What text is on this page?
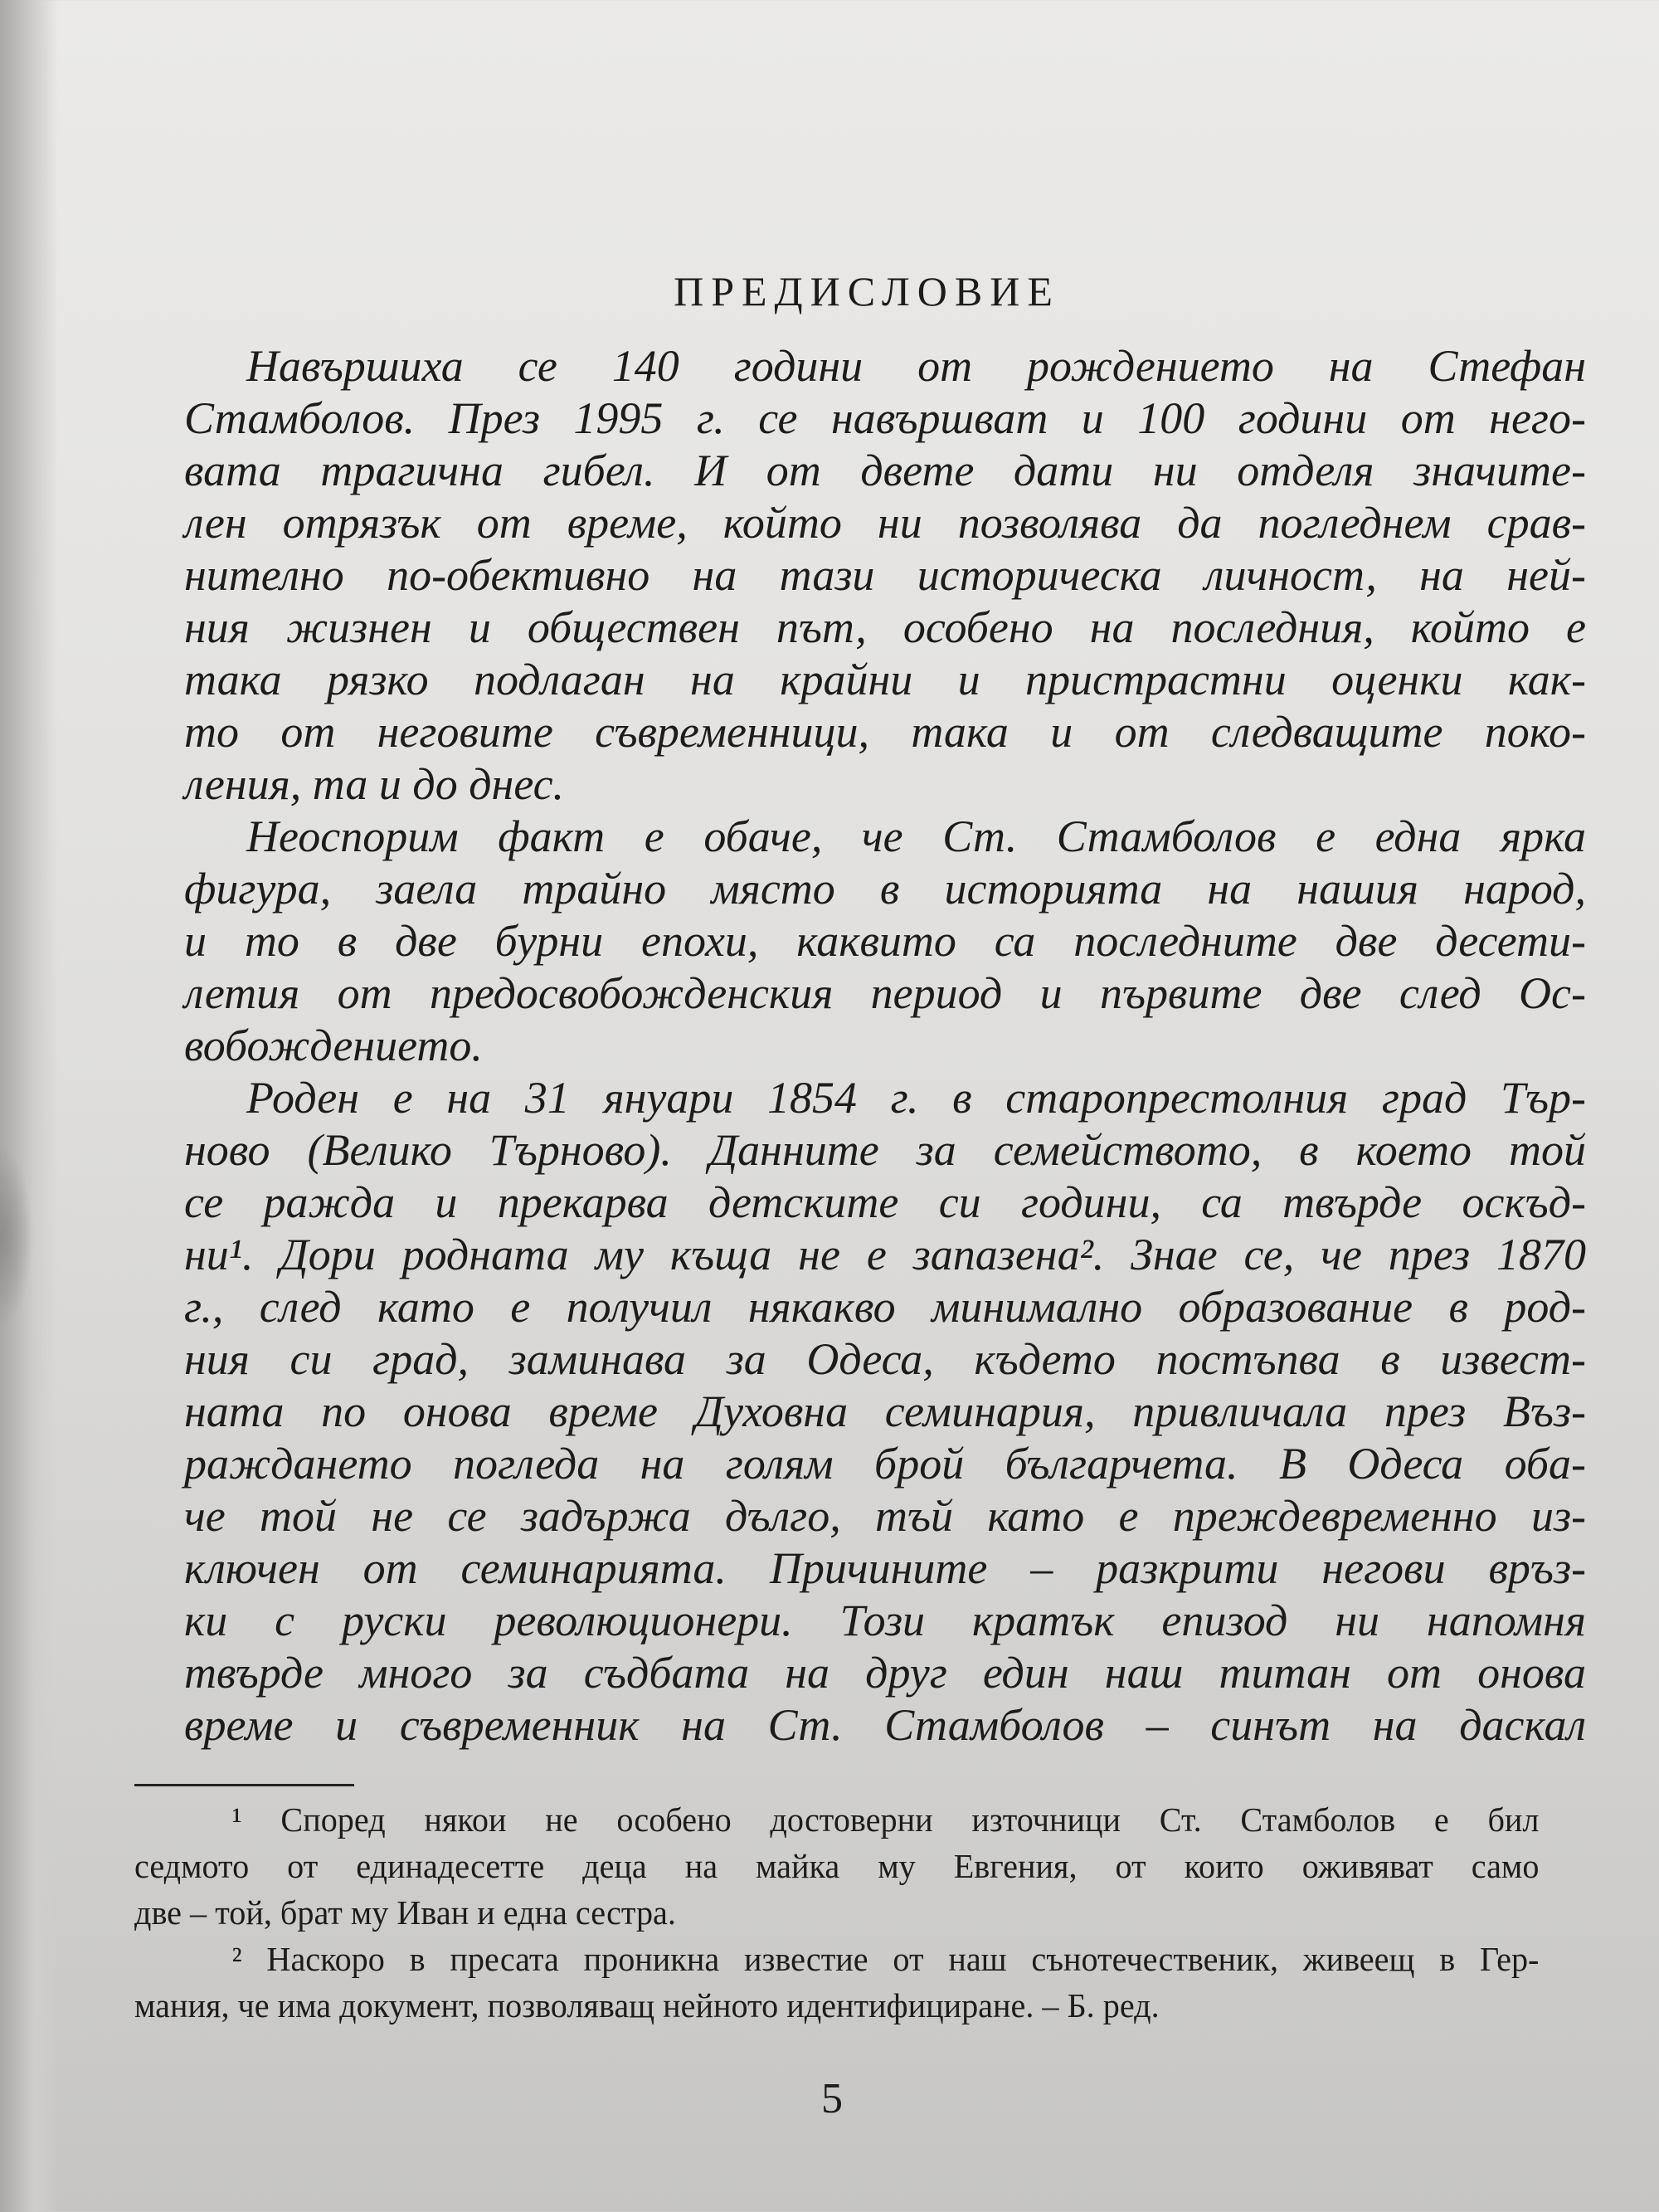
ПРЕДИСЛОВИЕ
Навършиха се 140 години от рождението на Стефан
Стамболов. През 1995 г. се навършват и 100 години от него-
вата трагична гибел. И от двете дати ни отделя значите-
лен отрязък от време, който ни позволява да погледнем срав-
нително по-обективно на тази историческа личност, на ней-
ния жизнен и обществен път, особено на последния, който е
така рязко подлаган на крайни и пристрастни оценки как-
то от неговите съвременници, така и от следващите поко-
ления, та и до днес.
Неоспорим факт е обаче, че Ст. Стамболов е една ярка
фигура, заела трайно място в историята на нашия народ,
и то в две бурни епохи, каквито са последните две десети-
летия от предосвобожденския период и първите две след Ос-
вобождението.
Роден е на 31 януари 1854 г. в старопрестолния град Тър-
ново (Велико Търново). Данните за семейството, в което той
се ражда и прекарва детските си години, са твърде оскъд-
ни¹. Дори родната му къща не е запазена². Знае се, че през 1870
г., след като е получил някакво минимално образование в род-
ния си град, заминава за Одеса, където постъпва в извест-
ната по онова време Духовна семинария, привличала през Въз-
раждането погледа на голям брой българчета. В Одеса оба-
че той не се задържа дълго, тъй като е преждевременно из-
ключен от семинарията. Причините – разкрити негови връз-
ки с руски революционери. Този кратък епизод ни напомня
твърде много за съдбата на друг един наш титан от онова
време и съвременник на Ст. Стамболов – синът на даскал
¹ Според някои не особено достоверни източници Ст. Стамболов е бил
седмото от единадесетте деца на майка му Евгения, от които оживяват само
две – той, брат му Иван и една сестра.
² Наскоро в пресата проникна известие от наш сънотечественик, живеещ в Гер-
мания, че има документ, позволяващ нейното идентифициране. – Б. ред.
5
